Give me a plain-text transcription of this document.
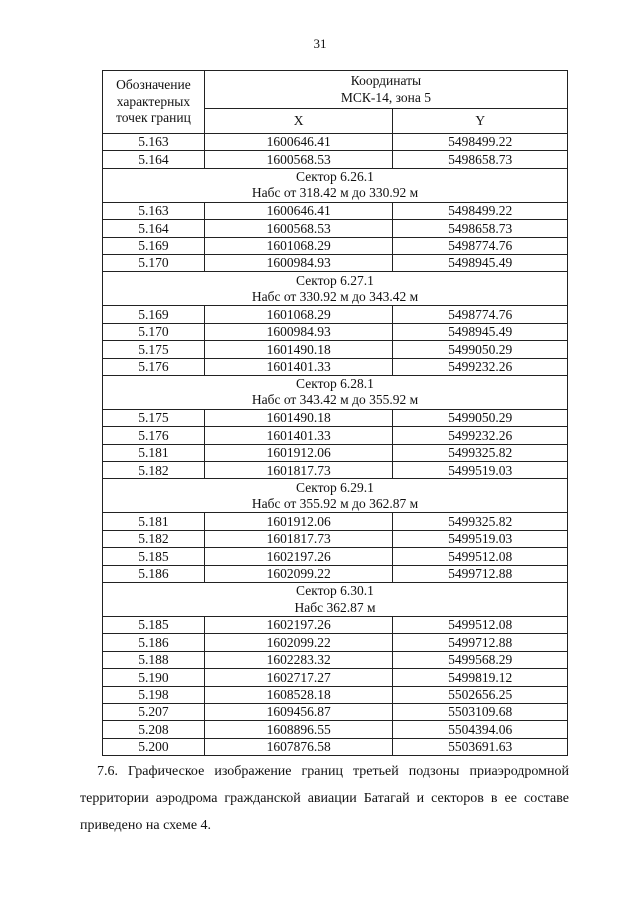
31
Обозначение характерных точек границ	Координаты
МСК-14, зона 5	
	X	Y
5.163	1600646.41	5498499.22
5.164	1600568.53	5498658.73
Сектор 6.26.1
Набс от 318.42 м до 330.92 м		
5.163	1600646.41	5498499.22
5.164	1600568.53	5498658.73
5.169	1601068.29	5498774.76
5.170	1600984.93	5498945.49
Сектор 6.27.1
Набс от 330.92 м до 343.42 м		
5.169	1601068.29	5498774.76
5.170	1600984.93	5498945.49
5.175	1601490.18	5499050.29
5.176	1601401.33	5499232.26
Сектор 6.28.1
Набс от 343.42 м до 355.92 м		
5.175	1601490.18	5499050.29
5.176	1601401.33	5499232.26
5.181	1601912.06	5499325.82
5.182	1601817.73	5499519.03
Сектор 6.29.1
Набс от 355.92 м до 362.87 м		
5.181	1601912.06	5499325.82
5.182	1601817.73	5499519.03
5.185	1602197.26	5499512.08
5.186	1602099.22	5499712.88
Сектор 6.30.1
Набс 362.87 м		
5.185	1602197.26	5499512.08
5.186	1602099.22	5499712.88
5.188	1602283.32	5499568.29
5.190	1602717.27	5499819.12
5.198	1608528.18	5502656.25
5.207	1609456.87	5503109.68
5.208	1608896.55	5504394.06
5.200	1607876.58	5503691.63

7.6. Графическое изображение границ третьей подзоны приаэродромной
территории аэродрома гражданской авиации Батагай и секторов в ее составе
приведено на схеме 4.
